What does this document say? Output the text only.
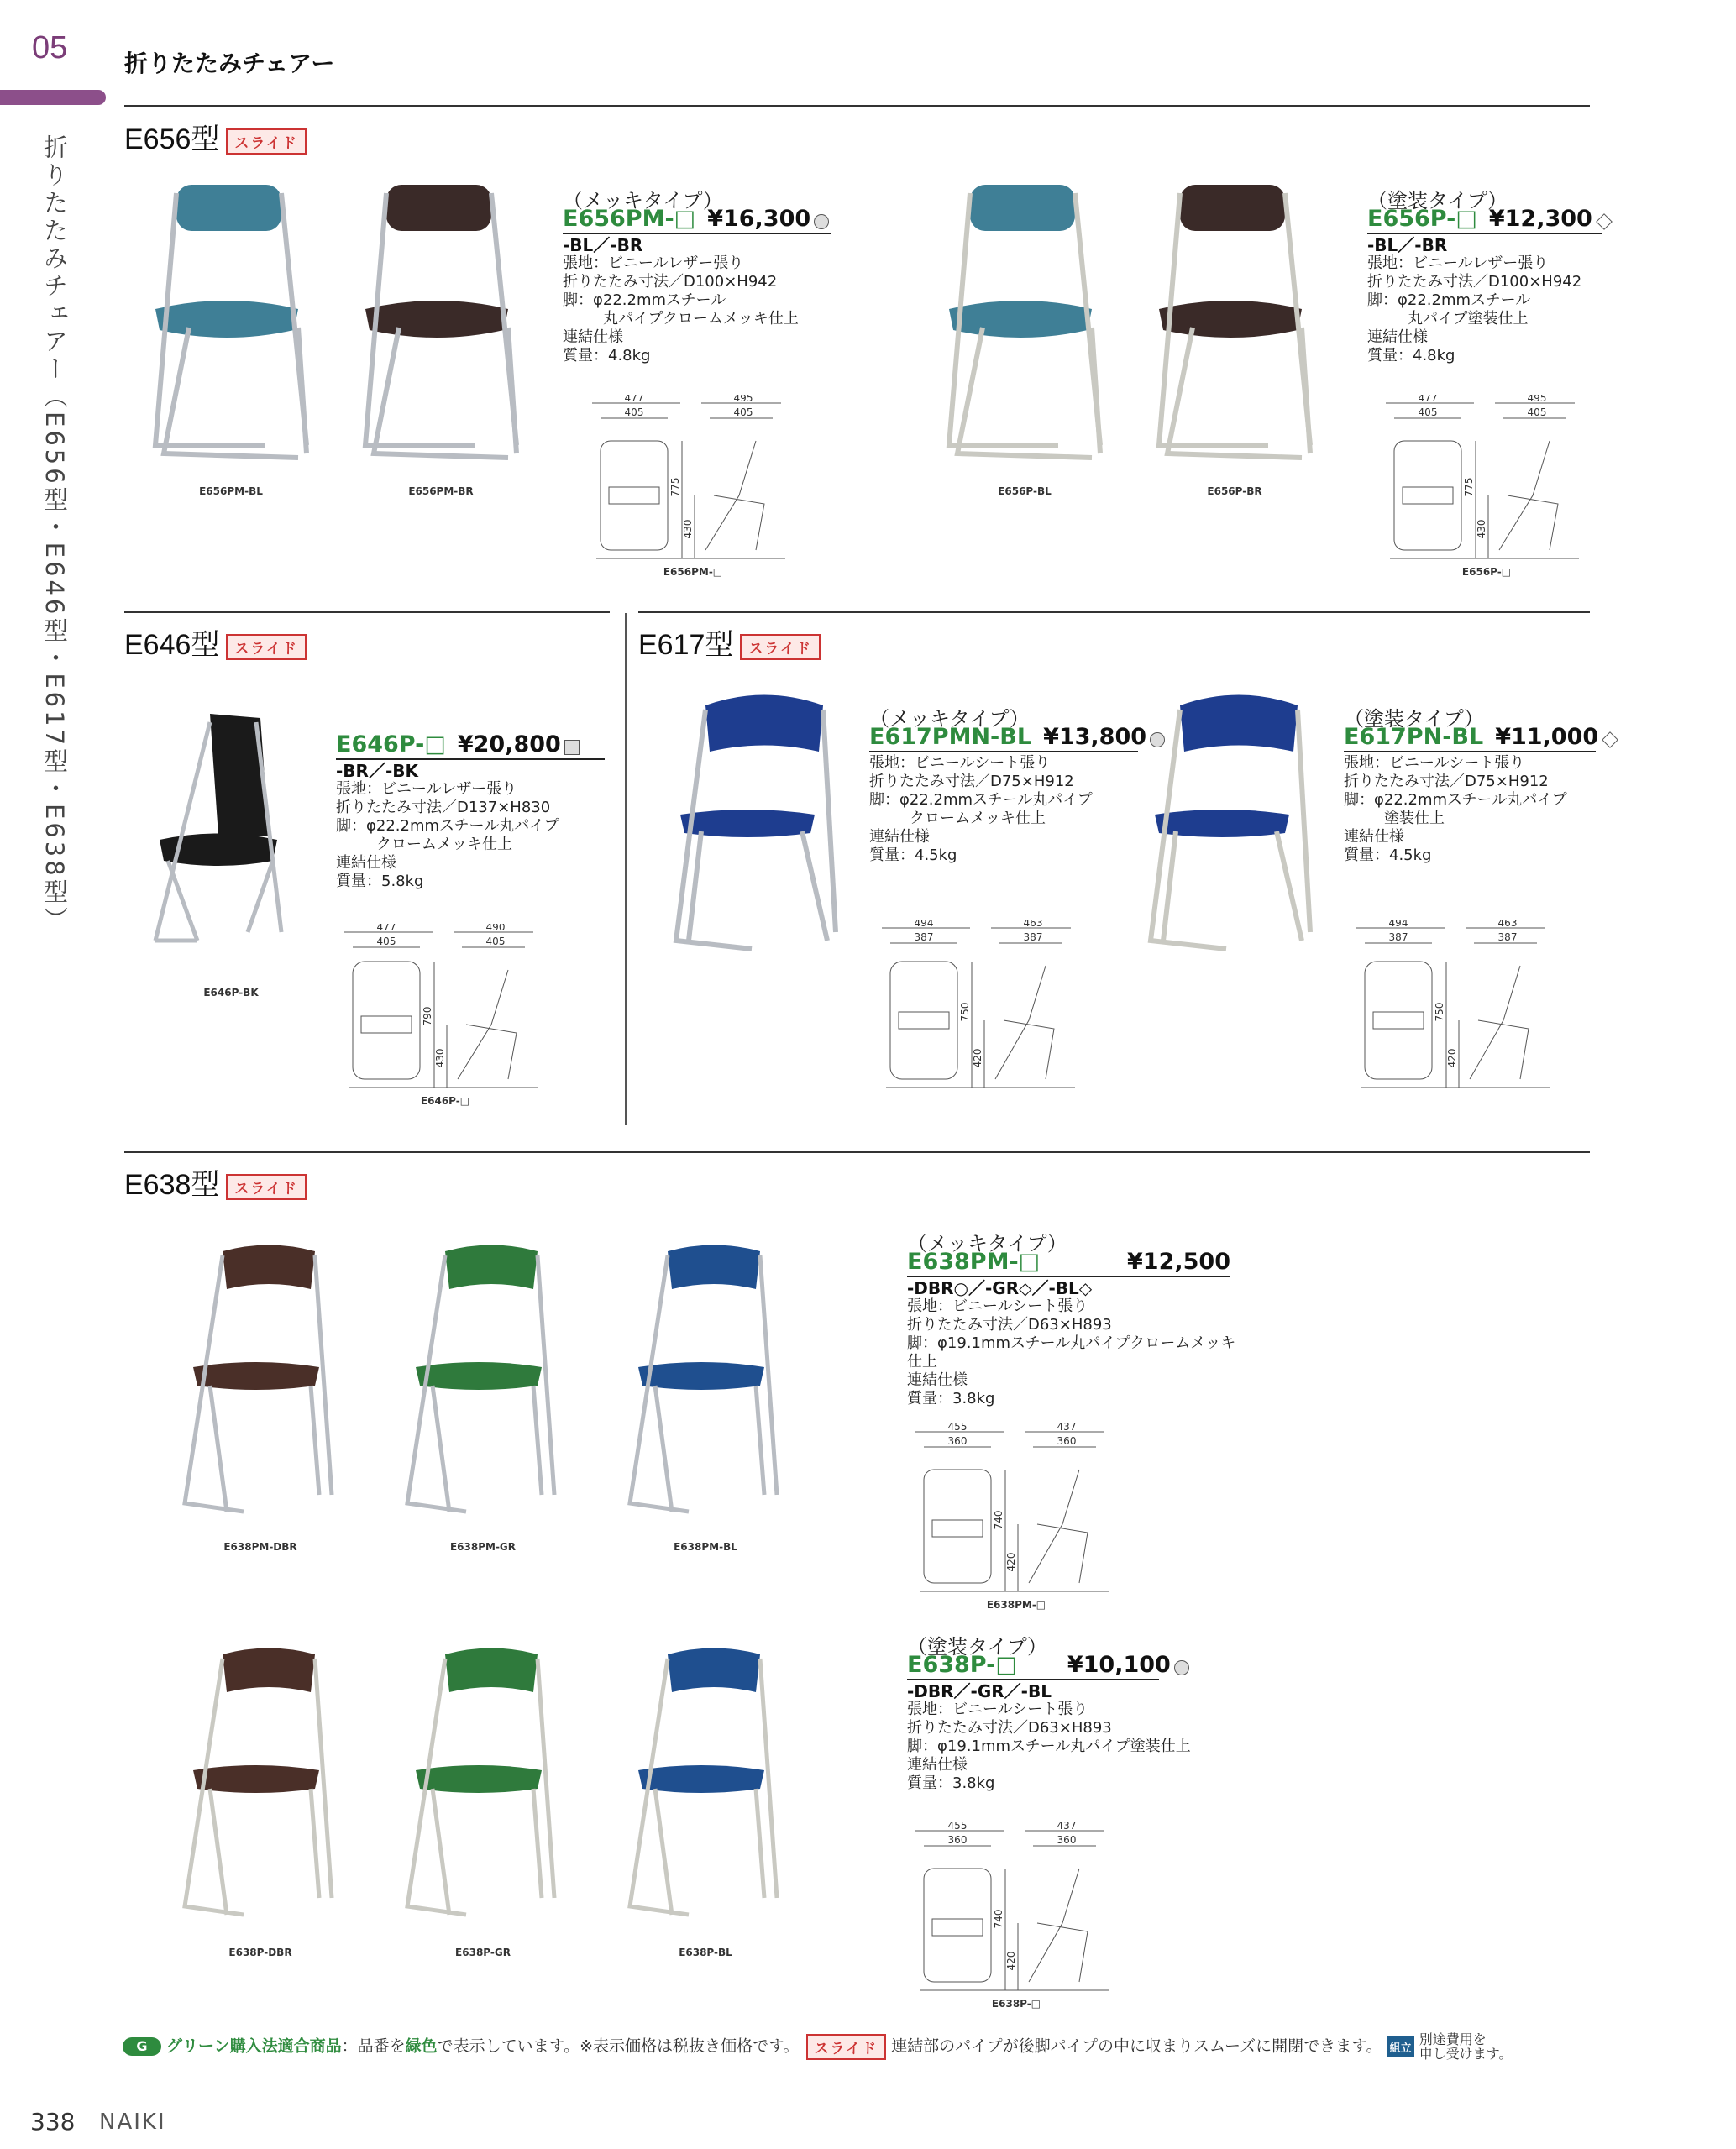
05 折りたたみチェアー
折りたたみチェアー（E656型・E646型・E617型・E638型） E656型 スライド
E656PM-BL	E656PM-BR
（メッキタイプ）
E656PM-□ ¥16,300
-BL／-BR
張地：ビニールレザー張り
折りたたみ寸法／D100×H942
脚：φ22.2mmスチール
丸パイプクロームメッキ仕上
連結仕様
質量：4.8kg
477
405
495
405
775
430
E656PM-□
E656P-BL	E656P-BR
（塗装タイプ）
E656P-□ ¥12,300
-BL／-BR
張地：ビニールレザー張り
折りたたみ寸法／D100×H942
脚：φ22.2mmスチール
丸パイプ塗装仕上
連結仕様
質量：4.8kg
477
405
495
405
775
430
E656P-□
E646型 スライド
E646P-BK
E646P-□ ¥20,800
-BR／-BK
張地：ビニールレザー張り
折りたたみ寸法／D137×H830
脚：φ22.2mmスチール丸パイプ
クロームメッキ仕上
連結仕様
質量：5.8kg
477
405
490
405
790
430
E646P-□
E617型 スライド
（メッキタイプ）
E617PMN-BL ¥13,800
張地：ビニールシート張り
折りたたみ寸法／D75×H912
脚：φ22.2mmスチール丸パイプ
クロームメッキ仕上
連結仕様
質量：4.5kg
494
387
463
387
750
420
（塗装タイプ）
E617PN-BL ¥11,000
張地：ビニールシート張り
折りたたみ寸法／D75×H912
脚：φ22.2mmスチール丸パイプ
塗装仕上
連結仕様
質量：4.5kg
494
387
463
387
750
420
E638型 スライド
E638PM-DBR	E638PM-GR	E638PM-BL
（メッキタイプ）
E638PM-□	¥12,500
-DBR○／-GR◇／-BL◇
張地：ビニールシート張り
折りたたみ寸法／D63×H893
脚：φ19.1mmスチール丸パイプクロームメッキ仕上
連結仕様
質量：3.8kg
455
360
437
360
740
420
E638PM-□
E638P-DBR	E638P-GR	E638P-BL
（塗装タイプ）
E638P-□ ¥10,100
-DBR／-GR／-BL
張地：ビニールシート張り
折りたたみ寸法／D63×H893
脚：φ19.1mmスチール丸パイプ塗装仕上
連結仕様
質量：3.8kg
455
360
437
360
740
420
E638P-□
G グリーン購入法適合商品：品番を緑色で表示しています。※表示価格は税抜き価格です。 スライド 連結部のパイプが後脚パイプの中に収まりスムーズに開閉できます。 組立 別途費用を
申し受けます。
338 NAIKI
